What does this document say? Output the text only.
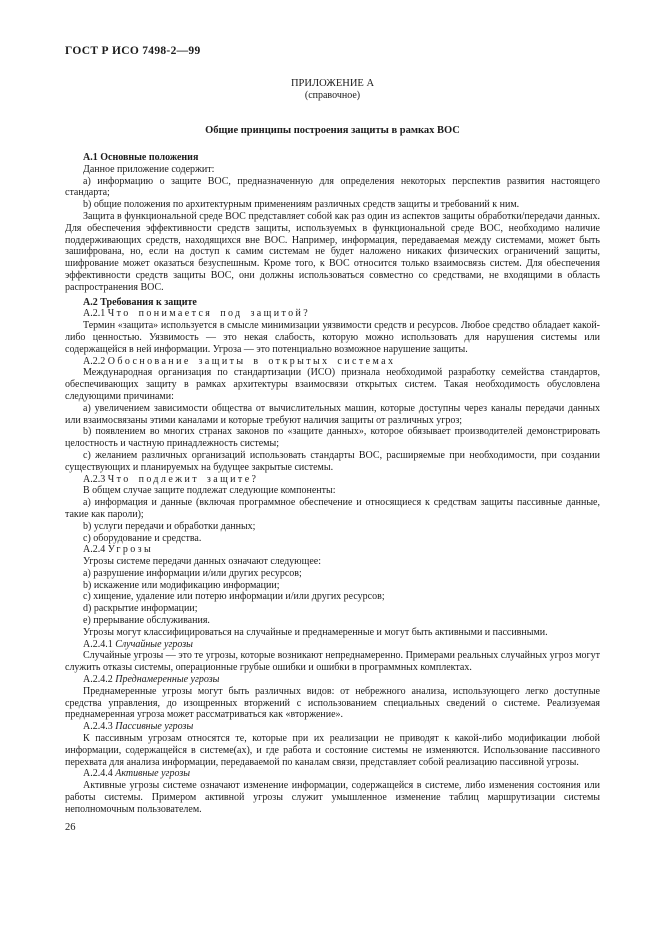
ГОСТ Р ИСО 7498-2—99
ПРИЛОЖЕНИЕ А
(справочное)
Общие принципы построения защиты в рамках ВОС

А.1 Основные положения

Данное приложение содержит:

а) информацию о защите ВОС, предназначенную для определения некоторых перспектив развития настоящего стандарта;

b) общие положения по архитектурным применениям различных средств защиты и требований к ним.

Защита в функциональной среде ВОС представляет собой как раз один из аспектов защиты обработки/передачи данных. Для обеспечения эффективности средств защиты, используемых в функциональной среде ВОС, необходимо наличие поддерживающих средств, находящихся вне ВОС. Например, информация, передаваемая между системами, может быть зашифрована, но, если на доступ к самим системам не будет наложено никаких физических ограничений защиты, шифрование может оказаться безуспешным. Кроме того, к ВОС относится только взаимосвязь систем. Для обеспечения эффективности средств защиты ВОС, они должны использоваться совместно со средствами, не входящими в область распространения ВОС.

А.2 Требования к защите

А.2.1 Что понимается под защитой?

Термин «защита» используется в смысле минимизации уязвимости средств и ресурсов. Любое средство обладает какой-либо ценностью. Уязвимость — это некая слабость, которую можно использовать для нарушения системы или содержащейся в ней информации. Угроза — это потенциально возможное нарушение защиты.

А.2.2 Обоснование защиты в открытых системах

Международная организация по стандартизации (ИСО) признала необходимой разработку семейства стандартов, обеспечивающих защиту в рамках архитектуры взаимосвязи открытых систем. Такая необходимость обусловлена следующими причинами:

а) увеличением зависимости общества от вычислительных машин, которые доступны через каналы передачи данных или взаимосвязаны этими каналами и которые требуют наличия защиты от различных угроз;

b) появлением во многих странах законов по «защите данных», которое обязывает производителей демонстрировать целостность и частную принадлежность системы;

с) желанием различных организаций использовать стандарты ВОС, расширяемые при необходимости, при создании существующих и планируемых на будущее закрытые системы.

А.2.3 Что подлежит защите?

В общем случае защите подлежат следующие компоненты:

а) информация и данные (включая программное обеспечение и относящиеся к средствам защиты пассивные данные, такие как пароли);

b) услуги передачи и обработки данных;

с) оборудование и средства.

А.2.4 Угрозы

Угрозы системе передачи данных означают следующее:

а) разрушение информации и/или других ресурсов;

b) искажение или модификацию информации;

с) хищение, удаление или потерю информации и/или других ресурсов;

d) раскрытие информации;

е) прерывание обслуживания.

Угрозы могут классифицироваться на случайные и преднамеренные и могут быть активными и пассивными.

А.2.4.1 Случайные угрозы

Случайные угрозы — это те угрозы, которые возникают непреднамеренно. Примерами реальных случайных угроз могут служить отказы системы, операционные грубые ошибки и ошибки в программных комплектах.

А.2.4.2 Преднамеренные угрозы

Преднамеренные угрозы могут быть различных видов: от небрежного анализа, использующего легко доступные средства управления, до изощренных вторжений с использованием специальных сведений о системе. Реализуемая преднамеренная угроза может рассматриваться как «вторжение».

А.2.4.3 Пассивные угрозы

К пассивным угрозам относятся те, которые при их реализации не приводят к какой-либо модификации любой информации, содержащейся в системе(ах), и где работа и состояние системы не изменяются. Использование пассивного перехвата для анализа информации, передаваемой по каналам связи, представляет собой реализацию пассивной угрозы.

А.2.4.4 Активные угрозы

Активные угрозы системе означают изменение информации, содержащейся в системе, либо изменения состояния или работы системы. Примером активной угрозы служит умышленное изменение таблиц маршрутизации системы неполномочным пользователем.

26
